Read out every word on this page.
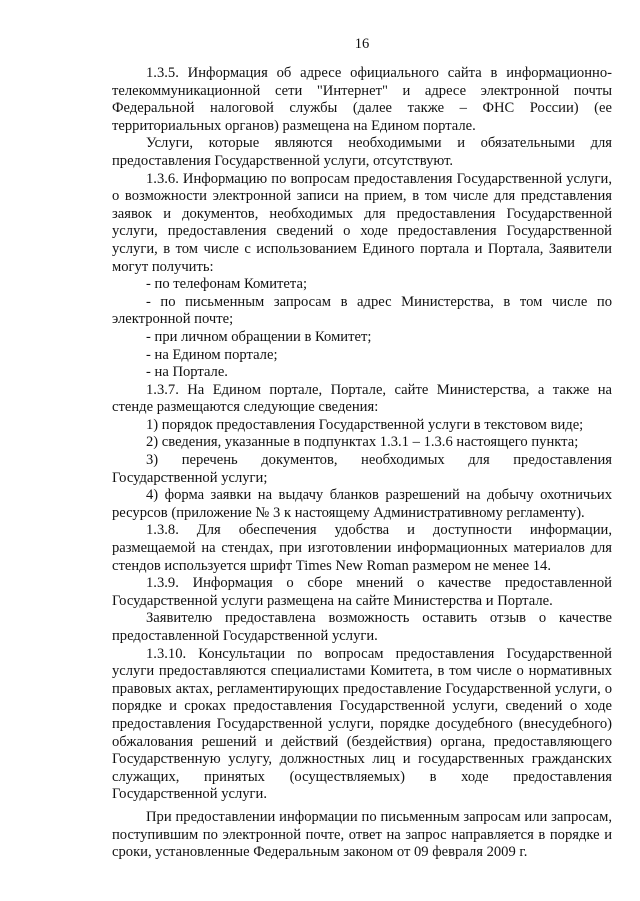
16

1.3.5. Информация об адресе официального сайта в информационно-телекоммуникационной сети "Интернет" и адресе электронной почты Федеральной налоговой службы (далее также – ФНС России) (ее территориальных органов) размещена на Едином портале.

Услуги, которые являются необходимыми и обязательными для предоставления Государственной услуги, отсутствуют.

1.3.6. Информацию по вопросам предоставления Государственной услуги, о возможности электронной записи на прием, в том числе для представления заявок и документов, необходимых для предоставления Государственной услуги, предоставления сведений о ходе предоставления Государственной услуги, в том числе с использованием Единого портала и Портала, Заявители могут получить:

- по телефонам Комитета;

- по письменным запросам в адрес Министерства, в том числе по электронной почте;

- при личном обращении в Комитет;

- на Едином портале;

- на Портале.

1.3.7. На Едином портале, Портале, сайте Министерства, а также на стенде размещаются следующие сведения:

1) порядок предоставления Государственной услуги в текстовом виде;

2) сведения, указанные в подпунктах 1.3.1 – 1.3.6 настоящего пункта;

3) перечень документов, необходимых для предоставления Государственной услуги;

4) форма заявки на выдачу бланков разрешений на добычу охотничьих ресурсов (приложение № 3 к настоящему Административному регламенту).

1.3.8. Для обеспечения удобства и доступности информации, размещаемой на стендах, при изготовлении информационных материалов для стендов используется шрифт Times New Roman размером не менее 14.

1.3.9. Информация о сборе мнений о качестве предоставленной Государственной услуги размещена на сайте Министерства и Портале.

Заявителю предоставлена возможность оставить отзыв о качестве предоставленной Государственной услуги.

1.3.10. Консультации по вопросам предоставления Государственной услуги предоставляются специалистами Комитета, в том числе о нормативных правовых актах, регламентирующих предоставление Государственной услуги, о порядке и сроках предоставления Государственной услуги, сведений о ходе предоставления Государственной услуги, порядке досудебного (внесудебного) обжалования решений и действий (бездействия) органа, предоставляющего Государственную услугу, должностных лиц и государственных гражданских служащих, принятых (осуществляемых) в ходе предоставления Государственной услуги.

При предоставлении информации по письменным запросам или запросам, поступившим по электронной почте, ответ на запрос направляется в порядке и сроки, установленные Федеральным законом от 09 февраля 2009 г.
